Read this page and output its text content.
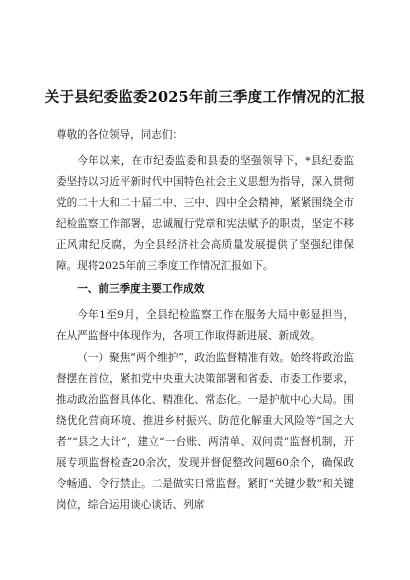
关于县纪委监委2025年前三季度工作情况的汇报

尊敬的各位领导，同志们：

今年以来，在市纪委监委和县委的坚强领导下，*县纪委监委坚持以习近平新时代中国特色社会主义思想为指导，深入贯彻党的二十大和二十届二中、三中、四中全会精神，紧紧围绕全市纪检监察工作部署，忠诚履行党章和宪法赋予的职责，坚定不移正风肃纪反腐，为全县经济社会高质量发展提供了坚强纪律保障。现将2025年前三季度工作情况汇报如下。

一、前三季度主要工作成效

今年1至9月，全县纪检监察工作在服务大局中彰显担当，在从严监督中体现作为，各项工作取得新进展、新成效。

（一）聚焦“两个维护”，政治监督精准有效。始终将政治监督摆在首位，紧扣党中央重大决策部署和省委、市委工作要求，推动政治监督具体化、精准化、常态化。一是护航中心大局。围绕优化营商环境、推进乡村振兴、防范化解重大风险等“国之大者”“县之大计”，建立“一台账、两清单、双问责”监督机制，开展专项监督检查20余次，发现并督促整改问题60余个，确保政令畅通、令行禁止。二是做实日常监督。紧盯“关键少数”和关键岗位，综合运用谈心谈话、列席
